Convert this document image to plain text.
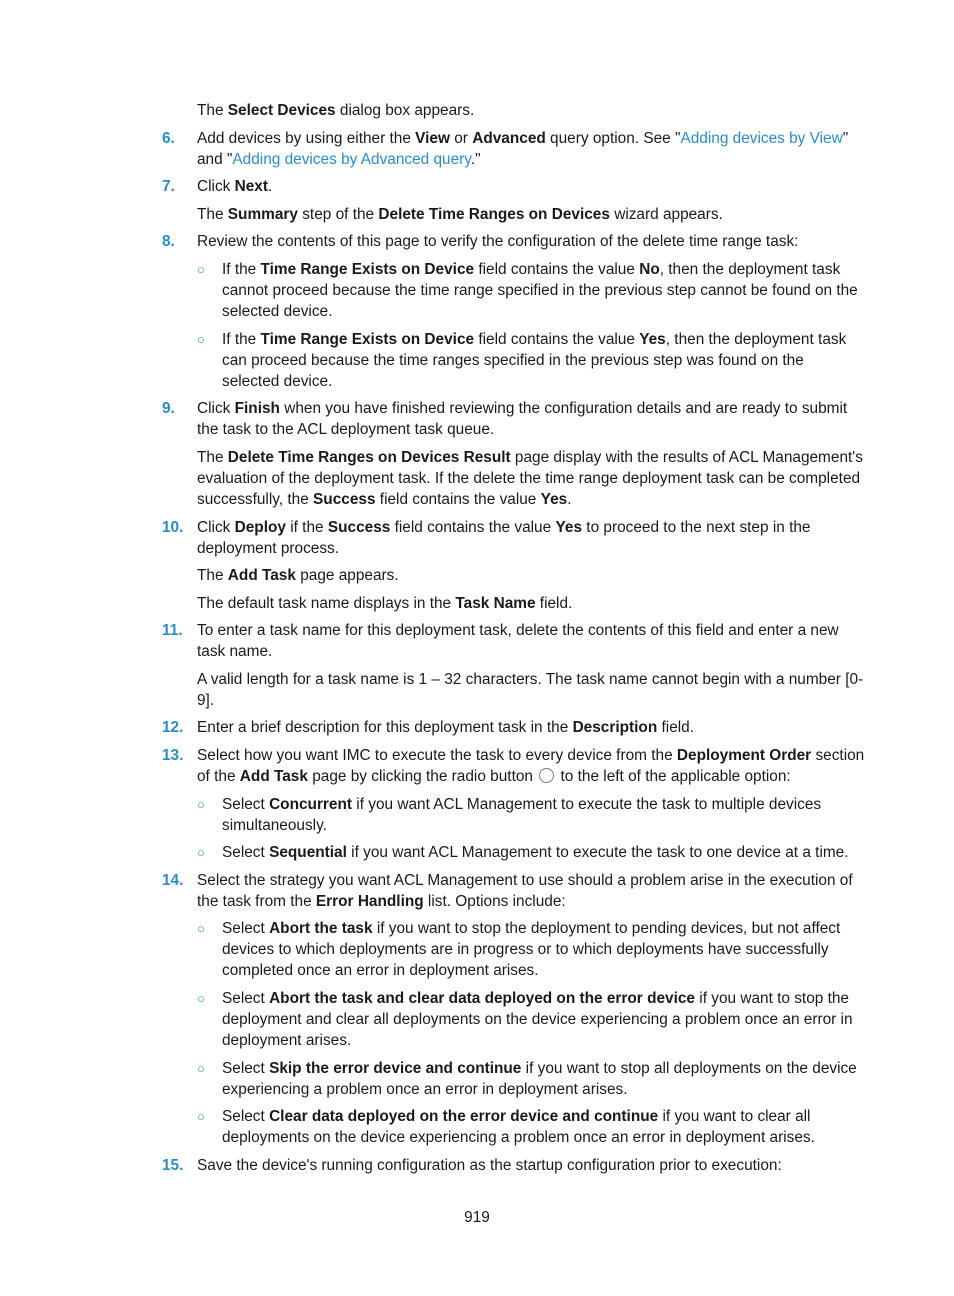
The Select Devices dialog box appears.
6.	Add devices by using either the View or Advanced query option. See "Adding devices by View" and "Adding devices by Advanced query."
7.	Click Next.
The Summary step of the Delete Time Ranges on Devices wizard appears.
8.	Review the contents of this page to verify the configuration of the delete time range task:
○	If the Time Range Exists on Device field contains the value No, then the deployment task cannot proceed because the time range specified in the previous step cannot be found on the selected device.
○	If the Time Range Exists on Device field contains the value Yes, then the deployment task can proceed because the time ranges specified in the previous step was found on the selected device.
9.	Click Finish when you have finished reviewing the configuration details and are ready to submit the task to the ACL deployment task queue.
The Delete Time Ranges on Devices Result page display with the results of ACL Management's evaluation of the deployment task. If the delete the time range deployment task can be completed successfully, the Success field contains the value Yes.
10. Click Deploy if the Success field contains the value Yes to proceed to the next step in the deployment process.
The Add Task page appears.
The default task name displays in the Task Name field.
11. To enter a task name for this deployment task, delete the contents of this field and enter a new task name.
A valid length for a task name is 1 – 32 characters. The task name cannot begin with a number [0-9].
12. Enter a brief description for this deployment task in the Description field.
13. Select how you want IMC to execute the task to every device from the Deployment Order section of the Add Task page by clicking the radio button  to the left of the applicable option:
○	Select Concurrent if you want ACL Management to execute the task to multiple devices simultaneously.
○	Select Sequential if you want ACL Management to execute the task to one device at a time.
14. Select the strategy you want ACL Management to use should a problem arise in the execution of the task from the Error Handling list. Options include:
○	Select Abort the task if you want to stop the deployment to pending devices, but not affect devices to which deployments are in progress or to which deployments have successfully completed once an error in deployment arises.
○	Select Abort the task and clear data deployed on the error device if you want to stop the deployment and clear all deployments on the device experiencing a problem once an error in deployment arises.
○	Select Skip the error device and continue if you want to stop all deployments on the device experiencing a problem once an error in deployment arises.
○	Select Clear data deployed on the error device and continue if you want to clear all deployments on the device experiencing a problem once an error in deployment arises.
15. Save the device's running configuration as the startup configuration prior to execution:
919
